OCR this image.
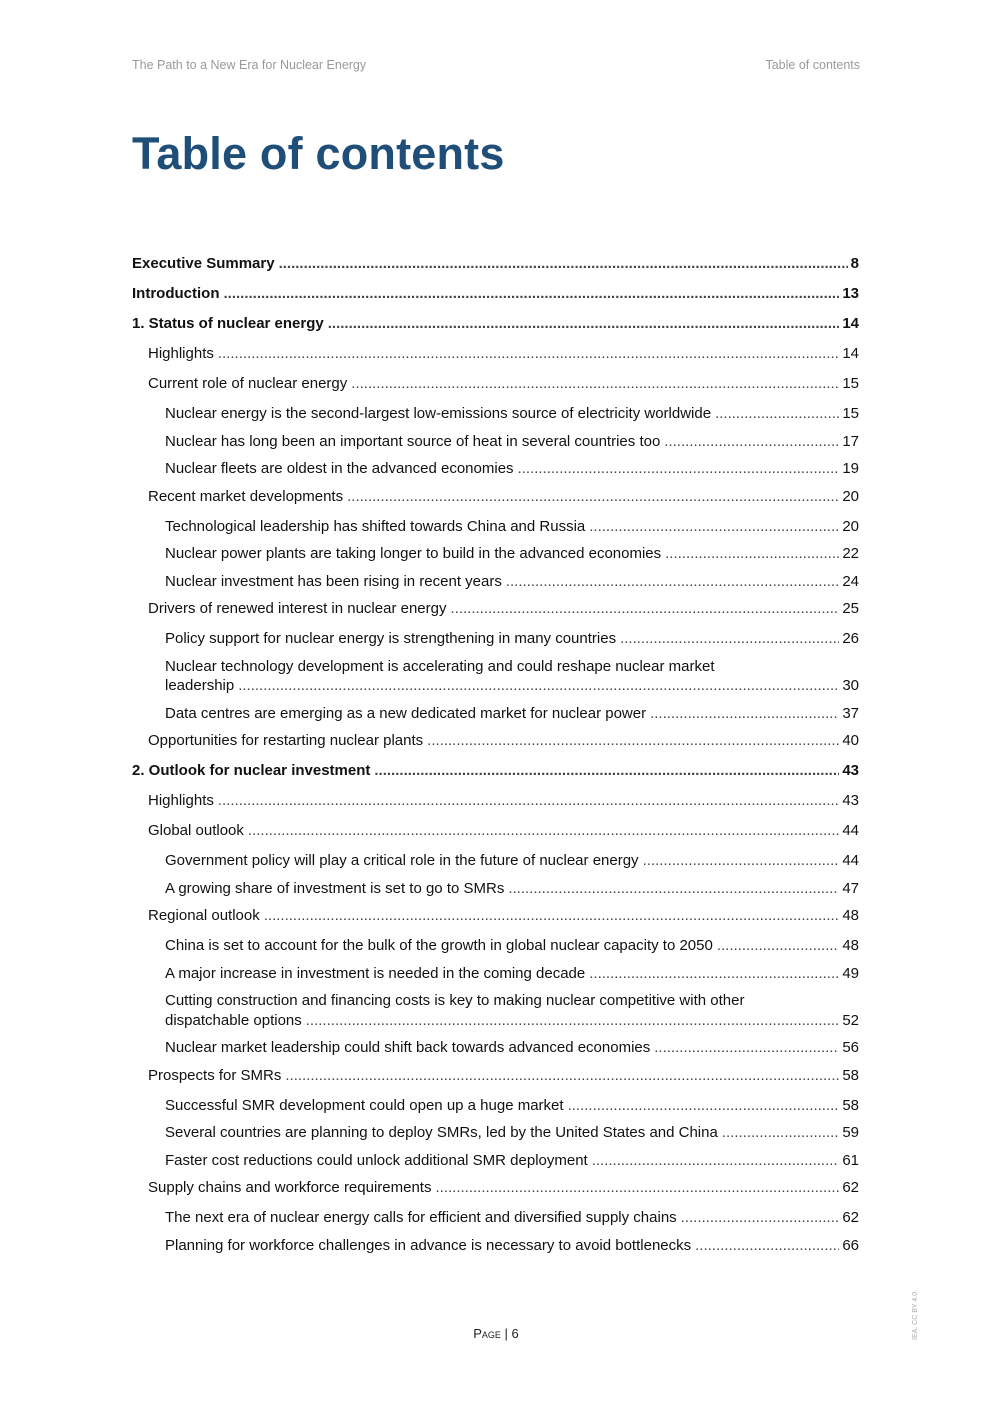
The Path to a New Era for Nuclear Energy	Table of contents
Table of contents
Executive Summary .....	8
Introduction .....	13
1. Status of nuclear energy .....	14
Highlights .....	14
Current role of nuclear energy .....	15
Nuclear energy is the second-largest low-emissions source of electricity worldwide .....	15
Nuclear has long been an important source of heat in several countries too .....	17
Nuclear fleets are oldest in the advanced economies .....	19
Recent market developments .....	20
Technological leadership has shifted towards China and Russia .....	20
Nuclear power plants are taking longer to build in the advanced economies .....	22
Nuclear investment has been rising in recent years .....	24
Drivers of renewed interest in nuclear energy .....	25
Policy support for nuclear energy is strengthening in many countries .....	26
Nuclear technology development is accelerating and could reshape nuclear market
leadership .....	30
Data centres are emerging as a new dedicated market for nuclear power .....	37
Opportunities for restarting nuclear plants .....	40
2. Outlook for nuclear investment .....	43
Highlights .....	43
Global outlook .....	44
Government policy will play a critical role in the future of nuclear energy .....	44
A growing share of investment is set to go to SMRs .....	47
Regional outlook .....	48
China is set to account for the bulk of the growth in global nuclear capacity to 2050 .....	48
A major increase in investment is needed in the coming decade .....	49
Cutting construction and financing costs is key to making nuclear competitive with other
dispatchable options .....	52
Nuclear market leadership could shift back towards advanced economies .....	56
Prospects for SMRs .....	58
Successful SMR development could open up a huge market .....	58
Several countries are planning to deploy SMRs, led by the United States and China .....	59
Faster cost reductions could unlock additional SMR deployment .....	61
Supply chains and workforce requirements .....	62
The next era of nuclear energy calls for efficient and diversified supply chains .....	62
Planning for workforce challenges in advance is necessary to avoid bottlenecks .....	66
Page | 6	IEA. CC BY 4.0.
